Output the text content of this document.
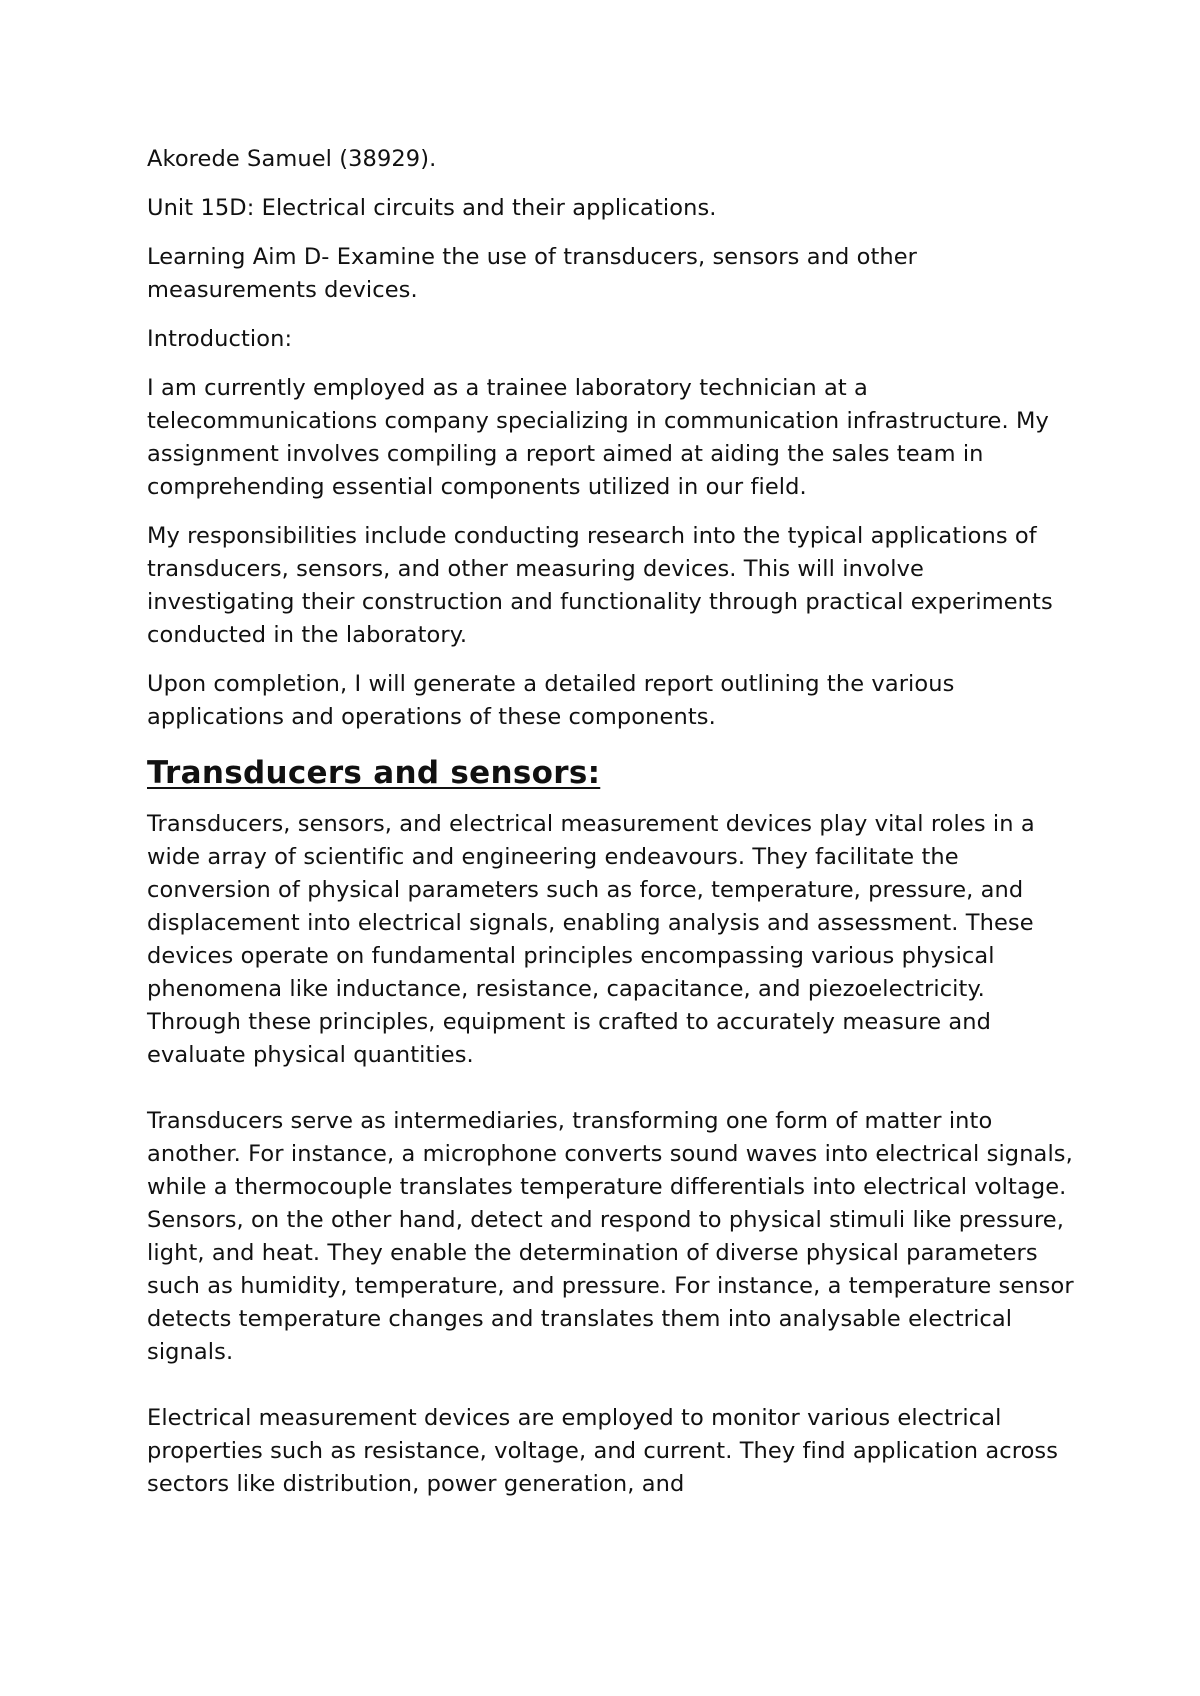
Akorede Samuel (38929).

Unit 15D: Electrical circuits and their applications.

Learning Aim D- Examine the use of transducers, sensors and other measurements devices.

Introduction:

I am currently employed as a trainee laboratory technician at a telecommunications company specializing in communication infrastructure. My assignment involves compiling a report aimed at aiding the sales team in comprehending essential components utilized in our field.

My responsibilities include conducting research into the typical applications of transducers, sensors, and other measuring devices. This will involve investigating their construction and functionality through practical experiments conducted in the laboratory.

Upon completion, I will generate a detailed report outlining the various applications and operations of these components.

Transducers and sensors:

Transducers, sensors, and electrical measurement devices play vital roles in a wide array of scientific and engineering endeavours. They facilitate the conversion of physical parameters such as force, temperature, pressure, and displacement into electrical signals, enabling analysis and assessment. These devices operate on fundamental principles encompassing various physical phenomena like inductance, resistance, capacitance, and piezoelectricity. Through these principles, equipment is crafted to accurately measure and evaluate physical quantities.

Transducers serve as intermediaries, transforming one form of matter into another. For instance, a microphone converts sound waves into electrical signals, while a thermocouple translates temperature differentials into electrical voltage. Sensors, on the other hand, detect and respond to physical stimuli like pressure, light, and heat. They enable the determination of diverse physical parameters such as humidity, temperature, and pressure. For instance, a temperature sensor detects temperature changes and translates them into analysable electrical signals.

Electrical measurement devices are employed to monitor various electrical properties such as resistance, voltage, and current. They find application across sectors like distribution, power generation, and
